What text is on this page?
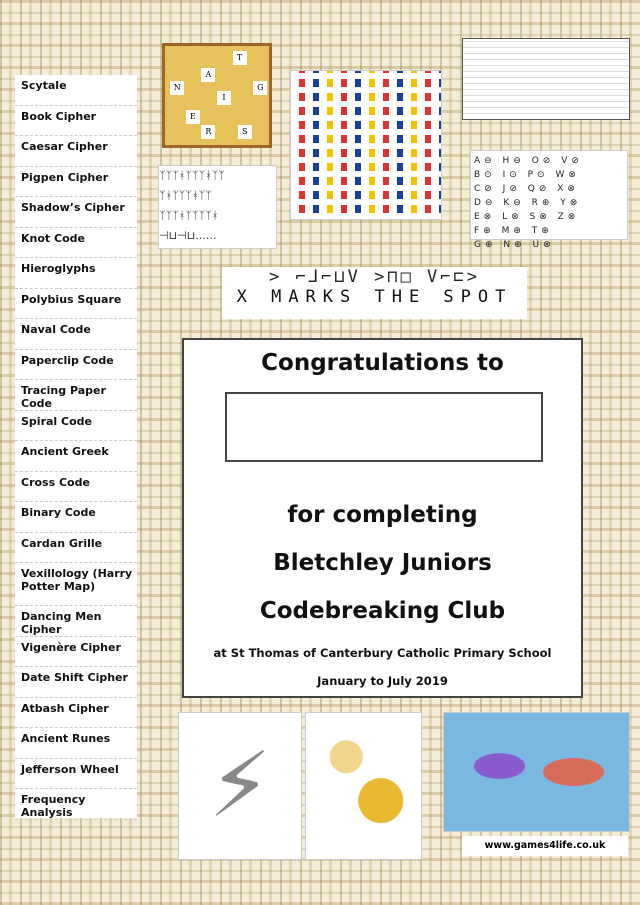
Scytale
Book Cipher
Caesar Cipher
Pigpen Cipher
Shadow’s Cipher
Knot Code
Hieroglyphs
Polybius Square
Naval Code
Paperclip Code
Tracing Paper Code
Spiral Code
Ancient Greek
Cross Code
Binary Code
Cardan Grille
Vexillology (Harry Potter Map)
Dancing Men Cipher
Vigenère Cipher
Date Shift Cipher
Atbash Cipher
Ancient Runes
Jefferson Wheel
Frequency Analysis
T
A
N	G
I
E
R	S
ᛉᛉᛉᚼᛉᛉᛉᚼᛉᛉ
ᛉᚼᛉᛉᛉᚼᛉᛉ
ᛉᛉᛉᚼᛉᛉᛉᛉᚼ
⊣⊔⊣⊔......
A⊖ H⊖ O⊘ V⊘
B⊙ I⊙ P⊙ W⊗
C⊘ J⊘ Q⊘ X⊗
D⊖ K⊖ R⊕ Y⊗
E⊗ L⊗ S⊗ Z⊗
F⊕ M⊕ T⊕
G⊕ N⊕ U⊗
> ⌐⅃⌐⊔V >⊓□ V⌐⊏>
X MARKS THE SPOT
Congratulations to
for completing
Bletchley Juniors
Codebreaking Club
at St Thomas of Canterbury Catholic Primary School
January to July 2019
⚡
www.games4life.co.uk
